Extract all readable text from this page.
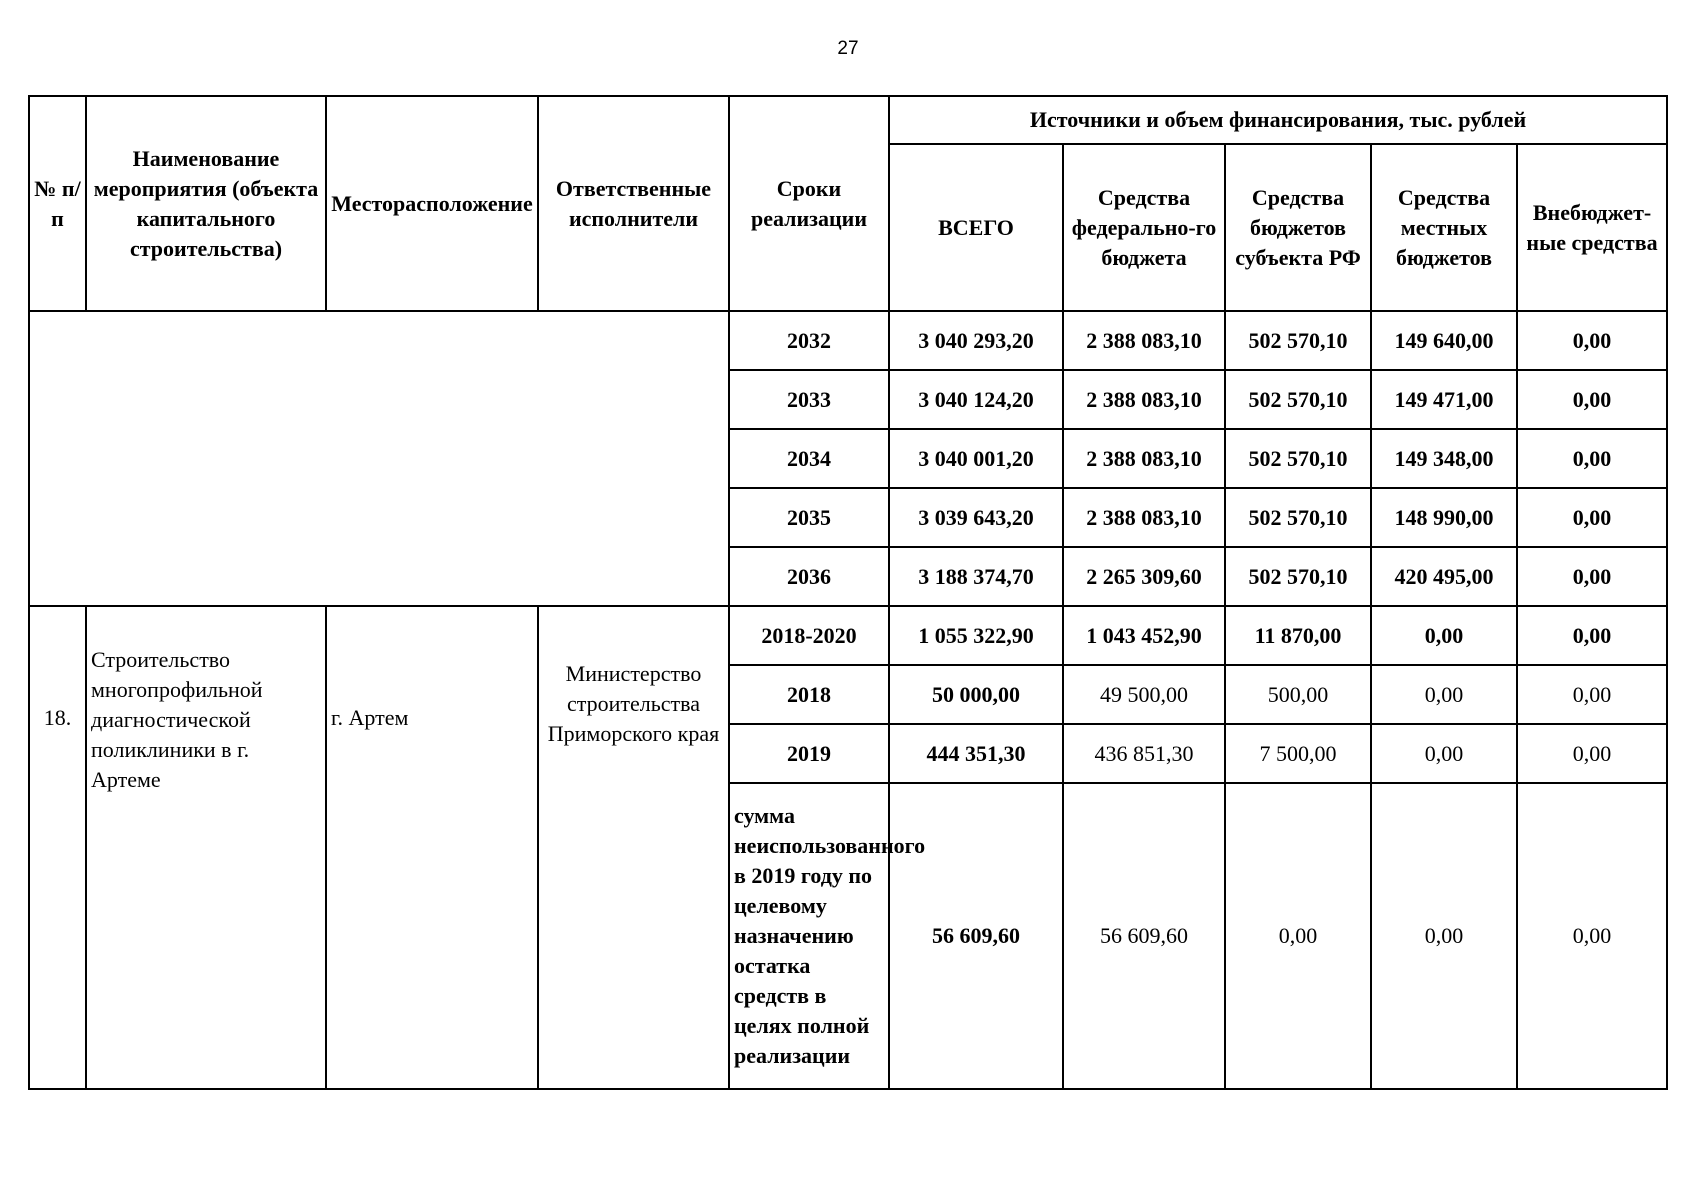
27
№ п/п	Наименование мероприятия (объекта капитального строительства)	Месторасположение	Ответственные исполнители	Сроки реализации	Источники и объем финансирования, тыс. рублей				
					ВСЕГО	Средства федерально-го бюджета	Средства бюджетов субъекта РФ	Средства местных бюджетов	Внебюджет-ные средства
				2032	3 040 293,20	2 388 083,10	502 570,10	149 640,00	0,00
				2033	3 040 124,20	2 388 083,10	502 570,10	149 471,00	0,00
				2034	3 040 001,20	2 388 083,10	502 570,10	149 348,00	0,00
				2035	3 039 643,20	2 388 083,10	502 570,10	148 990,00	0,00
				2036	3 188 374,70	2 265 309,60	502 570,10	420 495,00	0,00
18.	Строительство многопрофильной диагностической поликлиники в г. Артеме	г. Артем	Министерство строительства Приморского края	2018-2020	1 055 322,90	1 043 452,90	11 870,00	0,00	0,00
				2018	50 000,00	49 500,00	500,00	0,00	0,00
				2019	444 351,30	436 851,30	7 500,00	0,00	0,00
				сумма неиспользованного в 2019 году по целевому назначению остатка средств в целях полной реализации	56 609,60	56 609,60	0,00	0,00	0,00
